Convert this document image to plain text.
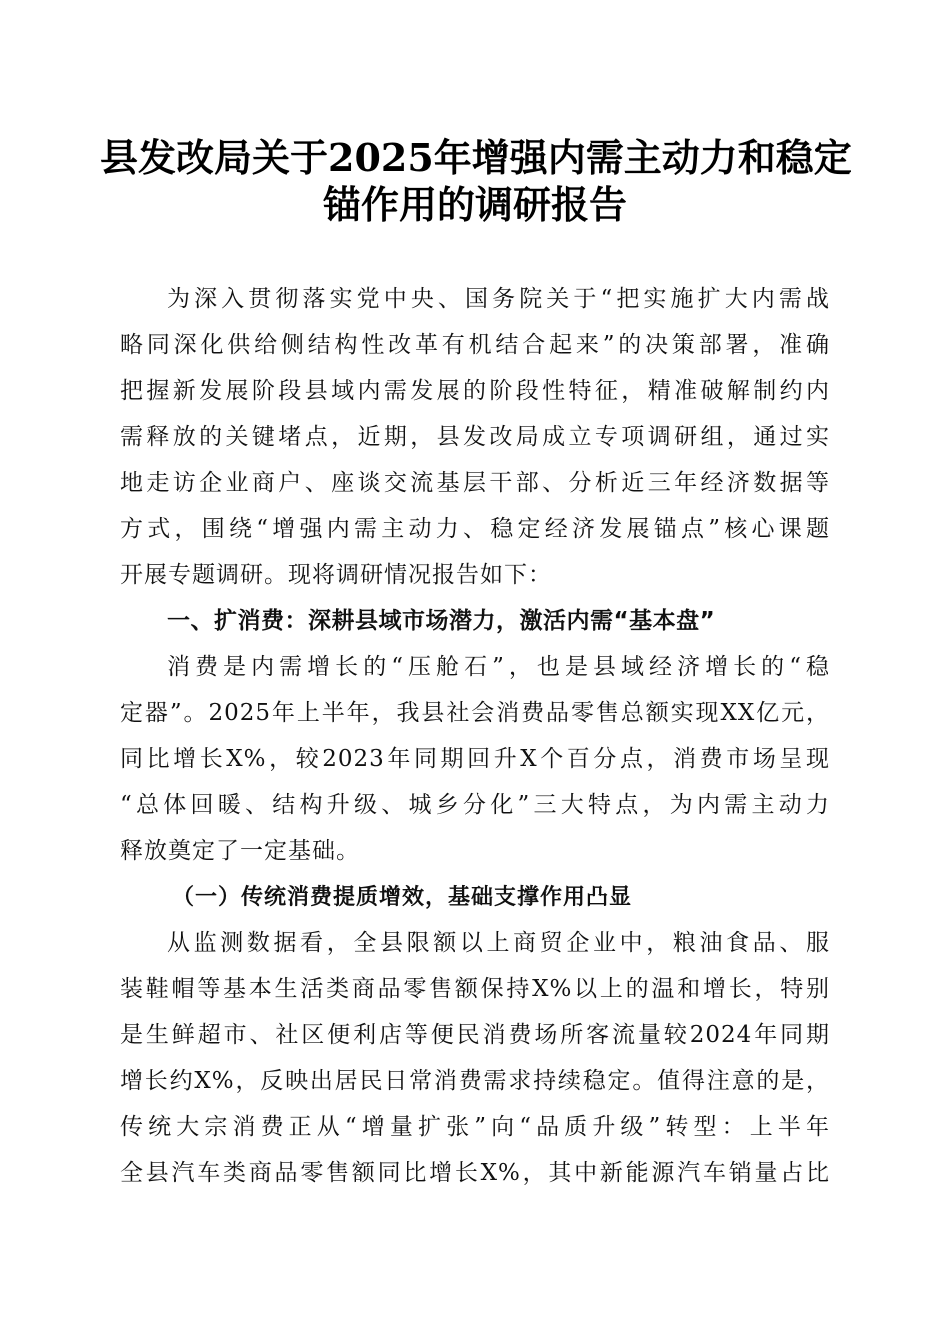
县发改局关于2025年增强内需主动力和稳定
锚作用的调研报告
为深入贯彻落实党中央、国务院关于“把实施扩大内需战
略同深化供给侧结构性改革有机结合起来”的决策部署，准确
把握新发展阶段县域内需发展的阶段性特征，精准破解制约内
需释放的关键堵点，近期，县发改局成立专项调研组，通过实
地走访企业商户、座谈交流基层干部、分析近三年经济数据等
方式，围绕“增强内需主动力、稳定经济发展锚点”核心课题
开展专题调研。现将调研情况报告如下：
一、扩消费：深耕县域市场潜力，激活内需“基本盘”
消费是内需增长的“压舱石”，也是县域经济增长的“稳
定器”。2025年上半年，我县社会消费品零售总额实现XX亿元，
同比增长X%，较2023年同期回升X个百分点，消费市场呈现
“总体回暖、结构升级、城乡分化”三大特点，为内需主动力
释放奠定了一定基础。
（一）传统消费提质增效，基础支撑作用凸显
从监测数据看，全县限额以上商贸企业中，粮油食品、服
装鞋帽等基本生活类商品零售额保持X%以上的温和增长，特别
是生鲜超市、社区便利店等便民消费场所客流量较2024年同期
增长约X%，反映出居民日常消费需求持续稳定。值得注意的是，
传统大宗消费正从“增量扩张”向“品质升级”转型：上半年
全县汽车类商品零售额同比增长X%，其中新能源汽车销量占比
